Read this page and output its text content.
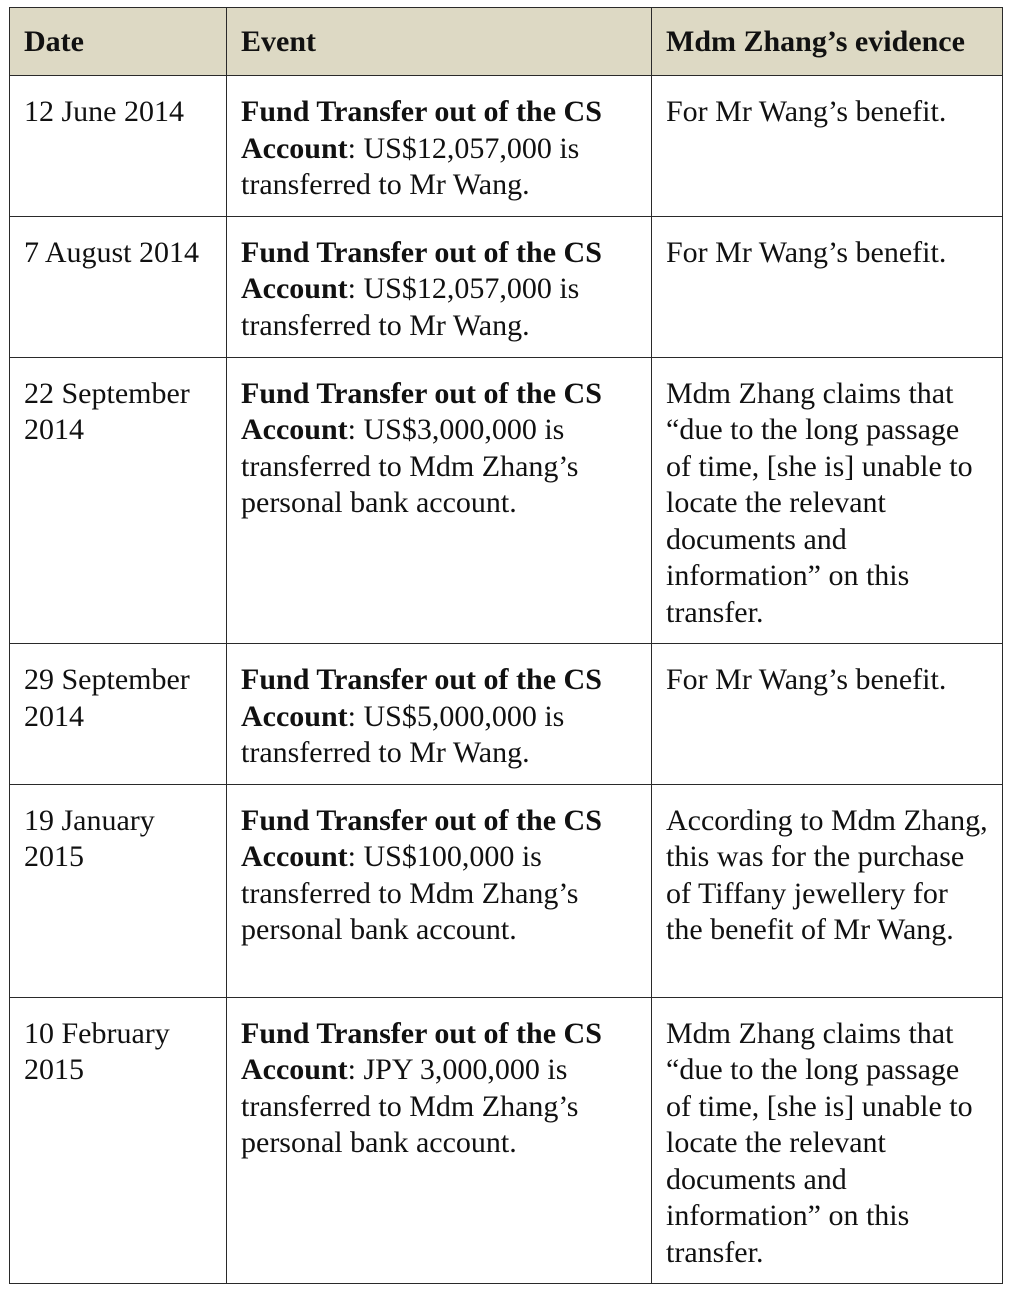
Date	Event	Mdm Zhang’s evidence
12 June 2014	Fund Transfer out of the CS Account: US$12,057,000 is transferred to Mr Wang.	For Mr Wang’s benefit.
7 August 2014	Fund Transfer out of the CS Account: US$12,057,000 is transferred to Mr Wang.	For Mr Wang’s benefit.
22 September 2014	Fund Transfer out of the CS Account: US$3,000,000 is transferred to Mdm Zhang’s personal bank account.	Mdm Zhang claims that “due to the long passage of time, [she is] unable to locate the relevant documents and information” on this transfer.
29 September 2014	Fund Transfer out of the CS Account: US$5,000,000 is transferred to Mr Wang.	For Mr Wang’s benefit.
19 January 2015	Fund Transfer out of the CS Account: US$100,000 is transferred to Mdm Zhang’s personal bank account.	According to Mdm Zhang, this was for the purchase of Tiffany jewellery for the benefit of Mr Wang.
10 February 2015	Fund Transfer out of the CS Account: JPY 3,000,000 is transferred to Mdm Zhang’s personal bank account.	Mdm Zhang claims that “due to the long passage of time, [she is] unable to locate the relevant documents and information” on this transfer.
